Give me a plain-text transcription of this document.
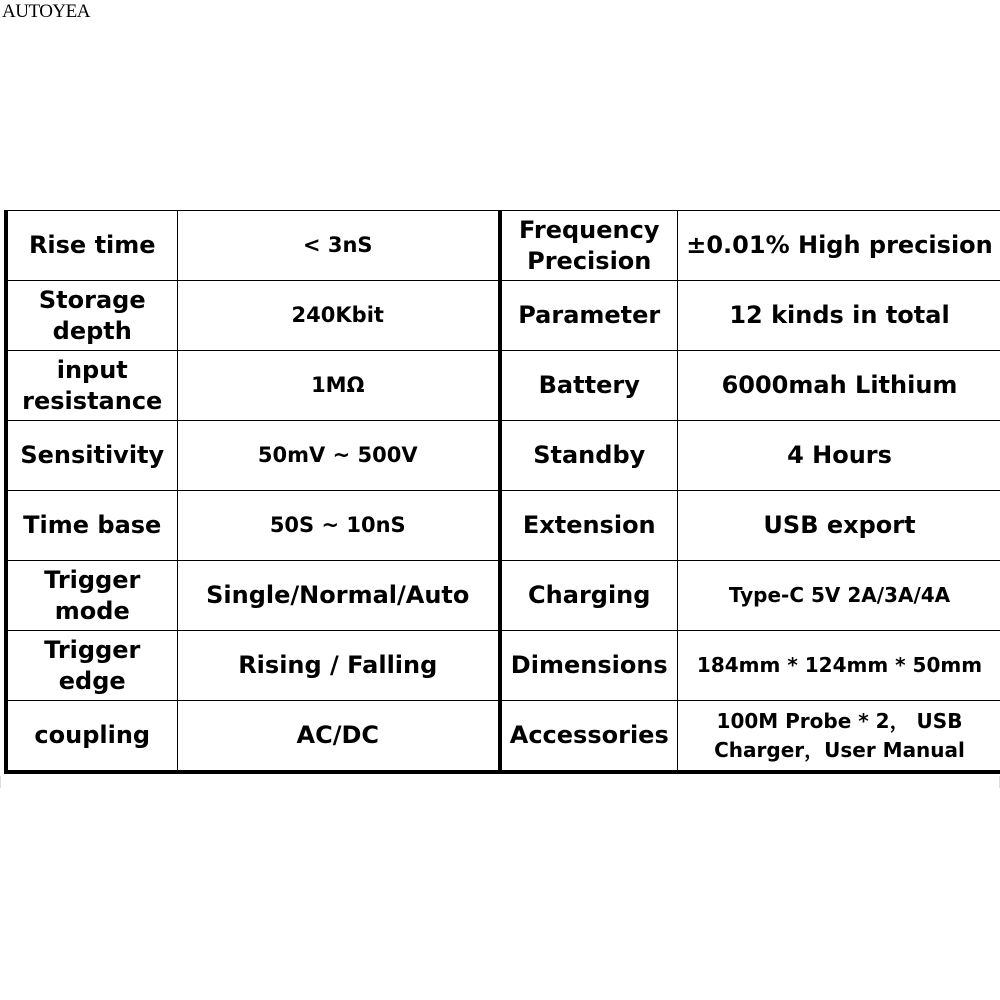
AUTOYEA
Rise time	< 3nS	Frequency Precision	±0.01% High precision
Storage depth	240Kbit	Parameter	12 kinds in total
input resistance	1MΩ	Battery	6000mah Lithium
Sensitivity	50mV ~ 500V	Standby	4 Hours
Time base	50S ~ 10nS	Extension	USB export
Trigger mode	Single/Normal/Auto	Charging	Type-C 5V 2A/3A/4A
Trigger edge	Rising / Falling	Dimensions	184mm * 124mm * 50mm
coupling	AC/DC	Accessories	100M Probe * 2， USB Charger，User Manual
